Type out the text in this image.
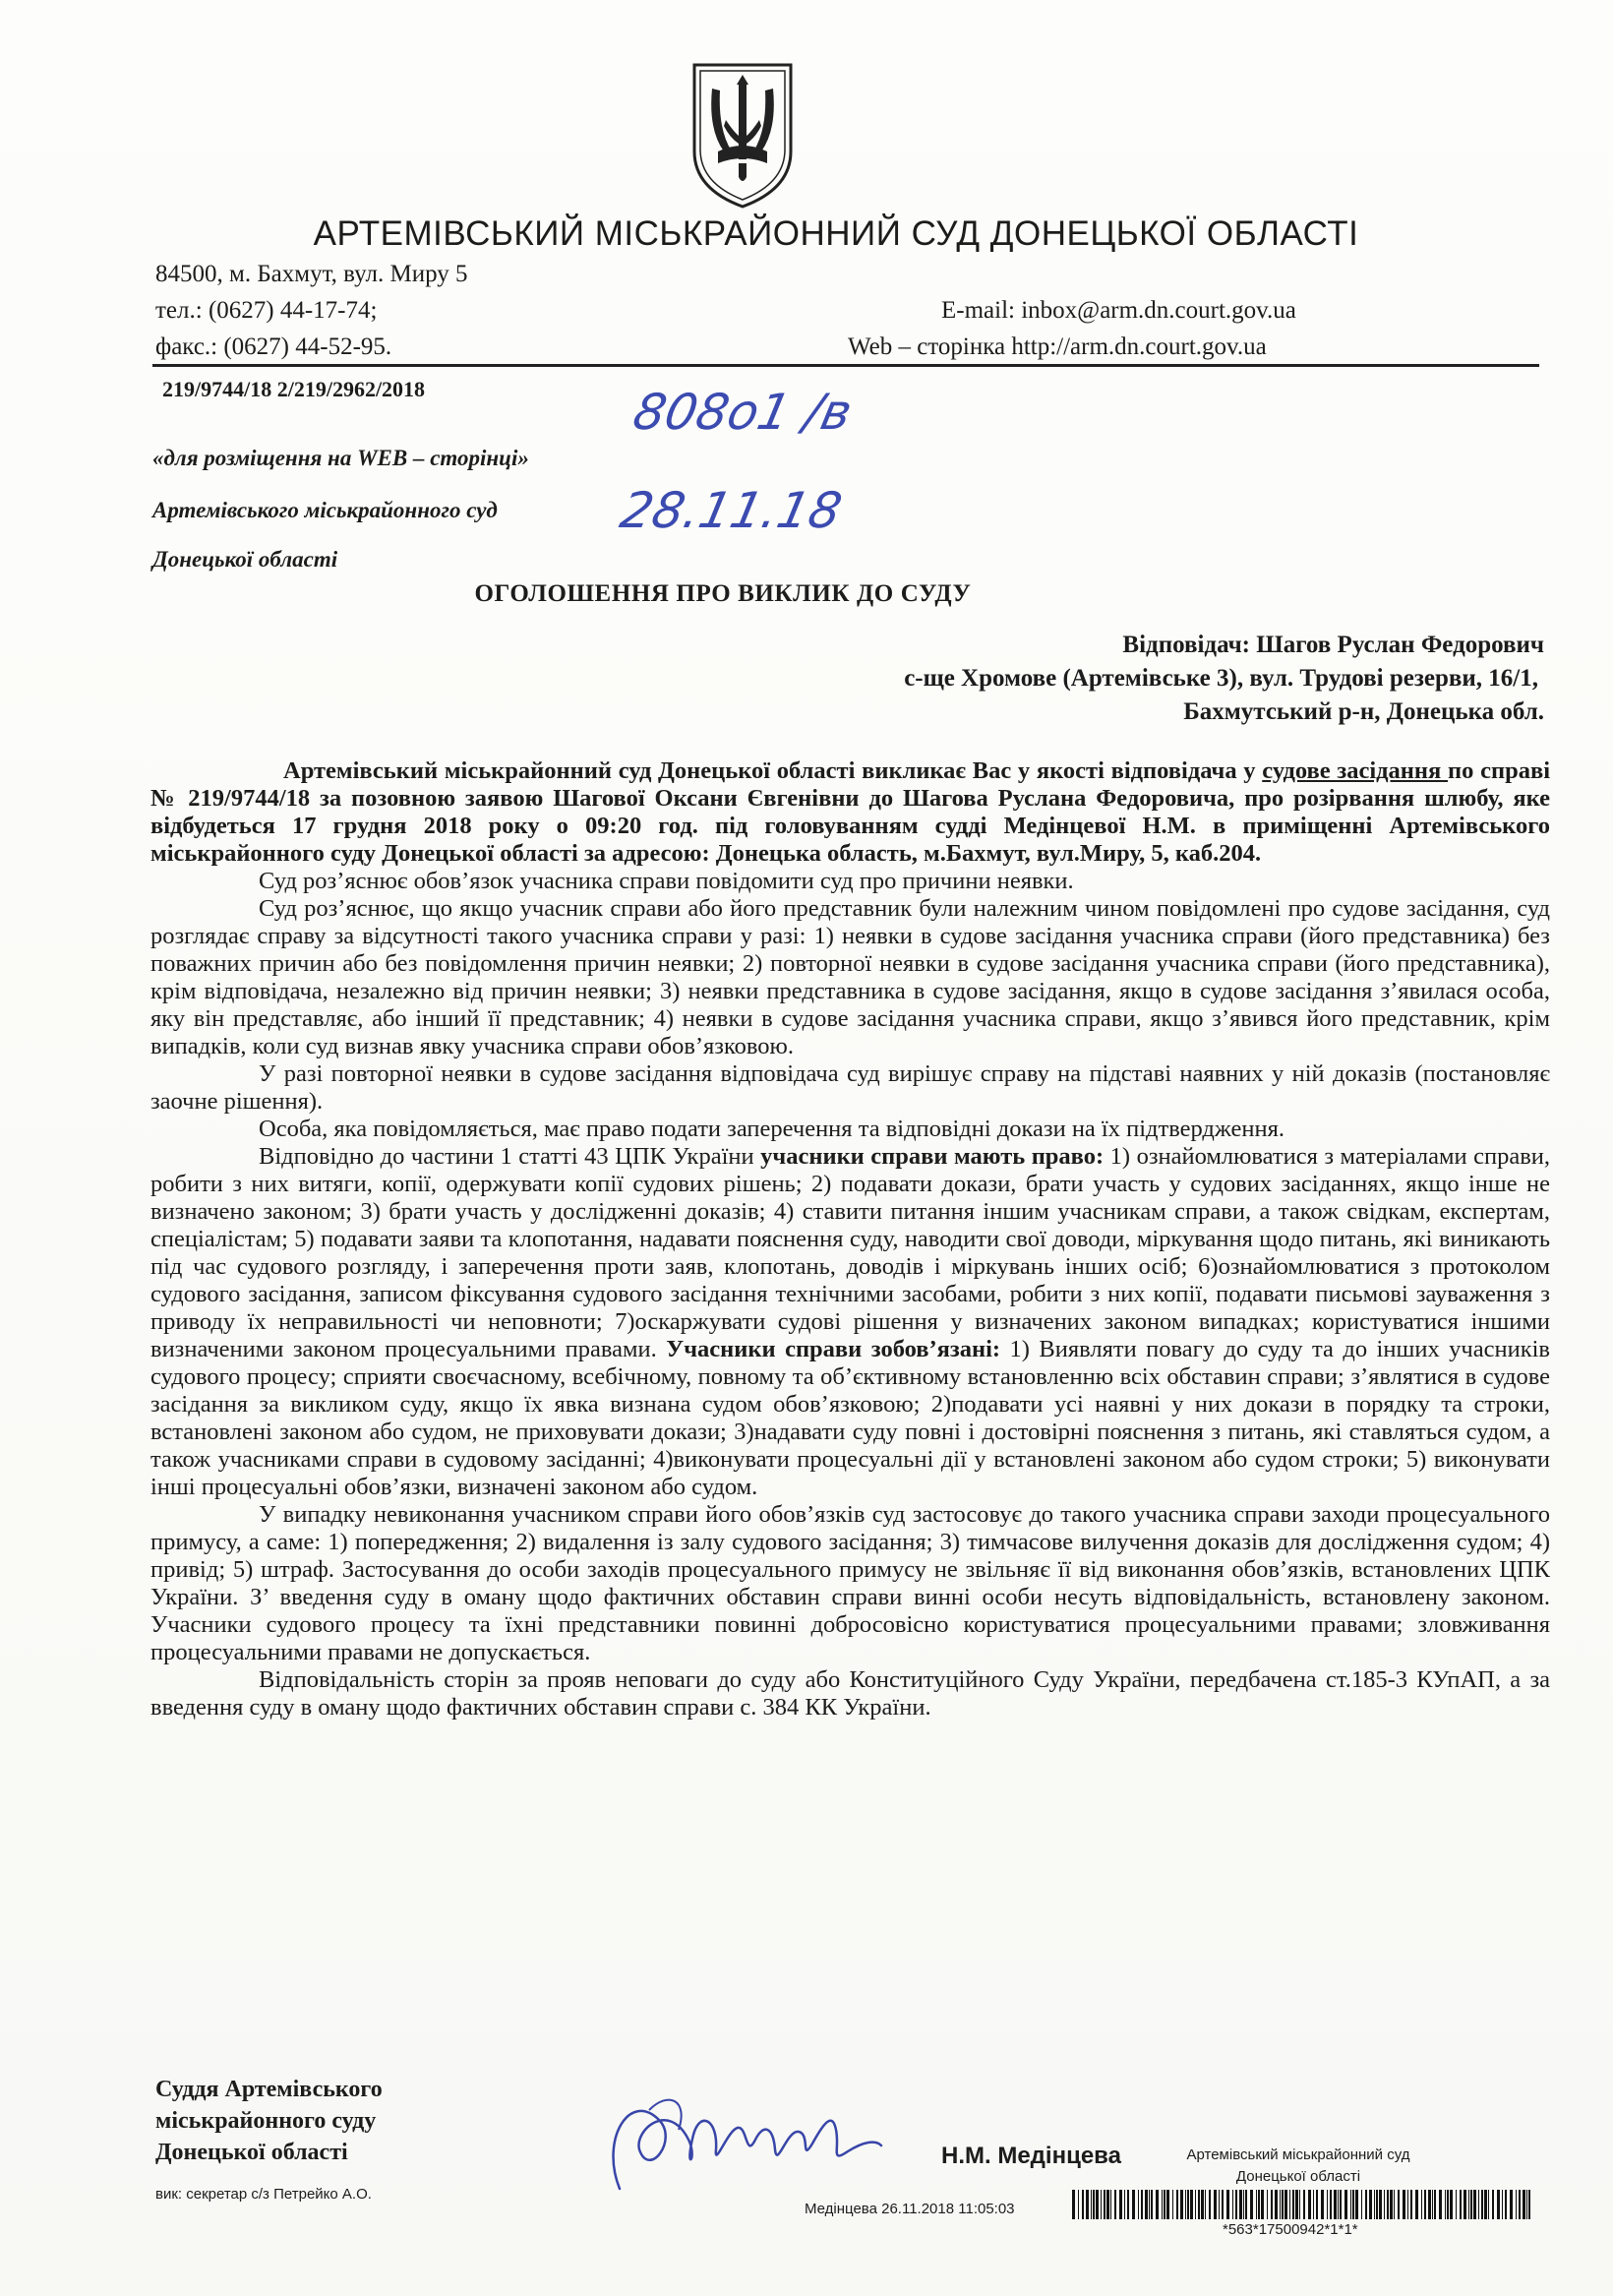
АРТЕМІВСЬКИЙ МІСЬКРАЙОННИЙ СУД ДОНЕЦЬКОЇ ОБЛАСТІ
84500, м. Бахмут, вул. Миру 5
тел.: (0627) 44-17-74;
факс.: (0627) 44-52-95.
E-mail: inbox@arm.dn.court.gov.ua
Web – сторінка http://arm.dn.court.gov.ua
219/9744/18 2/219/2962/2018	808о1 /в
28.11.18
«для розміщення на WEB – сторінці»
Артемівського міськрайонного суд
Донецької області
ОГОЛОШЕННЯ ПРО ВИКЛИК ДО СУДУ
Відповідач: Шагов Руслан Федорович
с-ще Хромове (Артемівське 3), вул. Трудові резерви, 16/1,
Бахмутський р-н, Донецька обл.

Артемівський міськрайонний суд Донецької області викликає Вас у якості відповідача у судове засідання по справі № 219/9744/18 за позовною заявою Шагової Оксани Євгенівни до Шагова Руслана Федоровича, про розірвання шлюбу, яке відбудеться 17 грудня 2018 року о 09:20 год. під головуванням судді Медінцевої Н.М. в приміщенні Артемівського міськрайонного суду Донецької області за адресою: Донецька область, м.Бахмут, вул.Миру, 5, каб.204.

Суд роз’яснює обов’язок учасника справи повідомити суд про причини неявки.

Суд роз’яснює, що якщо учасник справи або його представник були належним чином повідомлені про судове засідання, суд розглядає справу за відсутності такого учасника справи у разі: 1) неявки в судове засідання учасника справи (його представника) без поважних причин або без повідомлення причин неявки; 2) повторної неявки в судове засідання учасника справи (його представника), крім відповідача, незалежно від причин неявки; 3) неявки представника в судове засідання, якщо в судове засідання з’явилася особа, яку він представляє, або інший її представник; 4) неявки в судове засідання учасника справи, якщо з’явився його представник, крім випадків, коли суд визнав явку учасника справи обов’язковою.

У разі повторної неявки в судове засідання відповідача суд вирішує справу на підставі наявних у ній доказів (постановляє заочне рішення).

Особа, яка повідомляється, має право подати заперечення та відповідні докази на їх підтвердження.

Відповідно до частини 1 статті 43 ЦПК України учасники справи мають право: 1) ознайомлюватися з матеріалами справи, робити з них витяги, копії, одержувати копії судових рішень; 2) подавати докази, брати участь у судових засіданнях, якщо інше не визначено законом; 3) брати участь у дослідженні доказів; 4) ставити питання іншим учасникам справи, а також свідкам, експертам, спеціалістам; 5) подавати заяви та клопотання, надавати пояснення суду, наводити свої доводи, міркування щодо питань, які виникають під час судового розгляду, і заперечення проти заяв, клопотань, доводів і міркувань інших осіб; 6)ознайомлюватися з протоколом судового засідання, записом фіксування судового засідання технічними засобами, робити з них копії, подавати письмові зауваження з приводу їх неправильності чи неповноти; 7)оскаржувати судові рішення у визначених законом випадках; користуватися іншими визначеними законом процесуальними правами. Учасники справи зобов’язані: 1) Виявляти повагу до суду та до інших учасників судового процесу; сприяти своєчасному, всебічному, повному та об’єктивному встановленню всіх обставин справи; з’являтися в судове засідання за викликом суду, якщо їх явка визнана судом обов’язковою; 2)подавати усі наявні у них докази в порядку та строки, встановлені законом або судом, не приховувати докази; 3)надавати суду повні і достовірні пояснення з питань, які ставляться судом, а також учасниками справи в судовому засіданні; 4)виконувати процесуальні дії у встановлені законом або судом строки; 5) виконувати інші процесуальні обов’язки, визначені законом або судом.

У випадку невиконання учасником справи його обов’язків суд застосовує до такого учасника справи заходи процесуального примусу, а саме: 1) попередження; 2) видалення із залу судового засідання; 3) тимчасове вилучення доказів для дослідження судом; 4) привід; 5) штраф. Застосування до особи заходів процесуального примусу не звільняє її від виконання обов’язків, встановлених ЦПК України. З’ введення суду в оману щодо фактичних обставин справи винні особи несуть відповідальність, встановлену законом. Учасники судового процесу та їхні представники повинні добросовісно користуватися процесуальними правами; зловживання процесуальними правами не допускається.

Відповідальність сторін за прояв неповаги до суду або Конституційного Суду України, передбачена ст.185-3 КУпАП, а за введення суду в оману щодо фактичних обставин справи с. 384 КК України.

Суддя Артемівського
міськрайонного суду
Донецької області	Н.М. Медінцева	Артемівський міськрайонний суд
Донецької області
вик: секретар с/з Петрейко А.О.
Медінцева 26.11.2018 11:05:03
*563*17500942*1*1*
